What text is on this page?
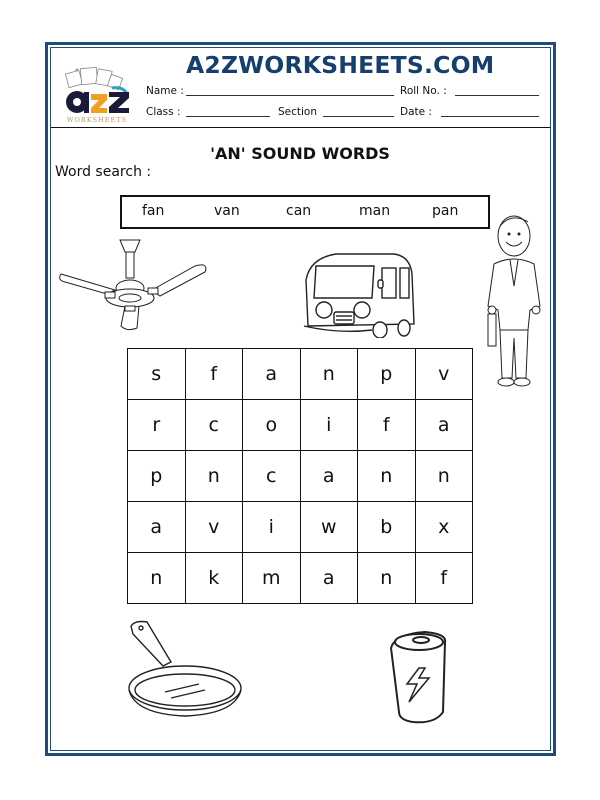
WORKSHEETS
A2ZWORKSHEETS.COM
Name :	Roll No. :
Class :	Section	Date :
'AN' SOUND WORDS
Word search :
fan	van	can	man	pan
s	f	a	n	p	v
r	c	o	i	f	a
p	n	c	a	n	n
a	v	i	w	b	x
n	k	m	a	n	f
